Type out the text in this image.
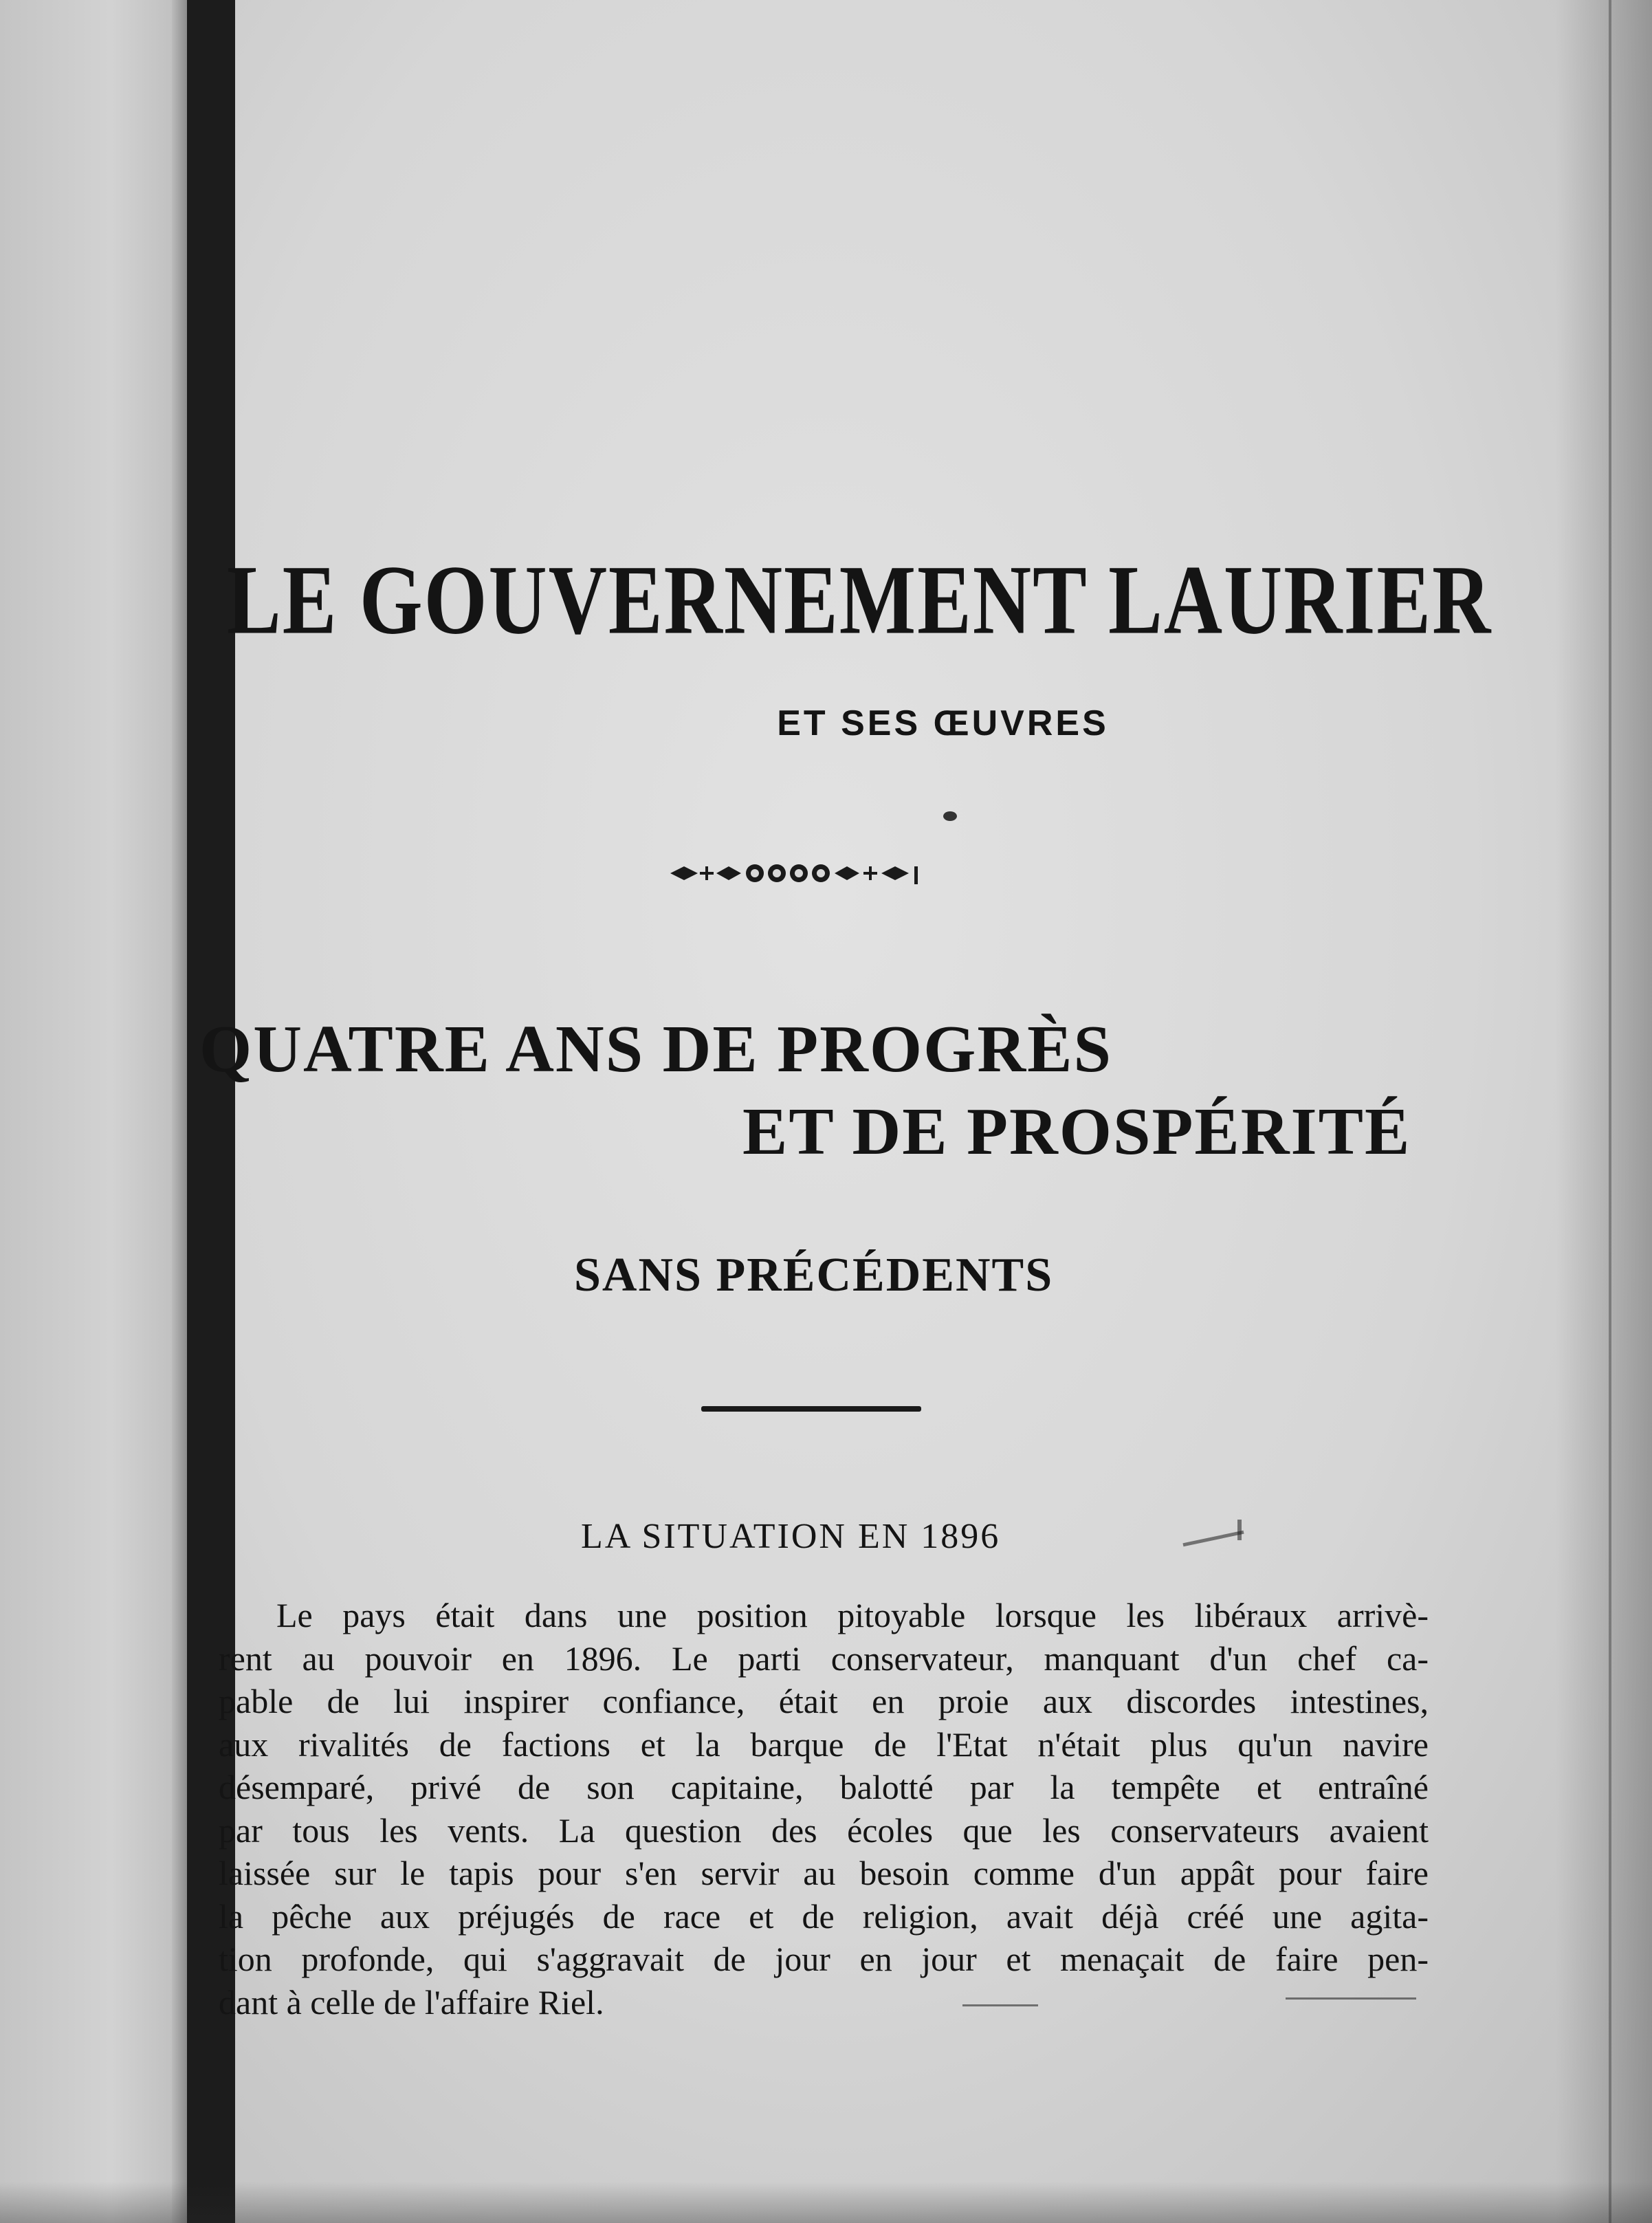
LE GOUVERNEMENT LAURIER
ET SES ŒUVRES
QUATRE ANS DE PROGRÈS
ET DE PROSPÉRITÉ
SANS PRÉCÉDENTS
LA SITUATION EN 1896
Le pays était dans une position pitoyable lorsque les libéraux arrivè-
rent au pouvoir en 1896. Le parti conservateur, manquant d'un chef ca-
pable de lui inspirer confiance, était en proie aux discordes intestines,
aux rivalités de factions et la barque de l'Etat n'était plus qu'un navire
désemparé, privé de son capitaine, balotté par la tempête et entraîné
par tous les vents. La question des écoles que les conservateurs avaient
laissée sur le tapis pour s'en servir au besoin comme d'un appât pour faire
la pêche aux préjugés de race et de religion, avait déjà créé une agita-
tion profonde, qui s'aggravait de jour en jour et menaçait de faire pen-
dant à celle de l'affaire Riel.
